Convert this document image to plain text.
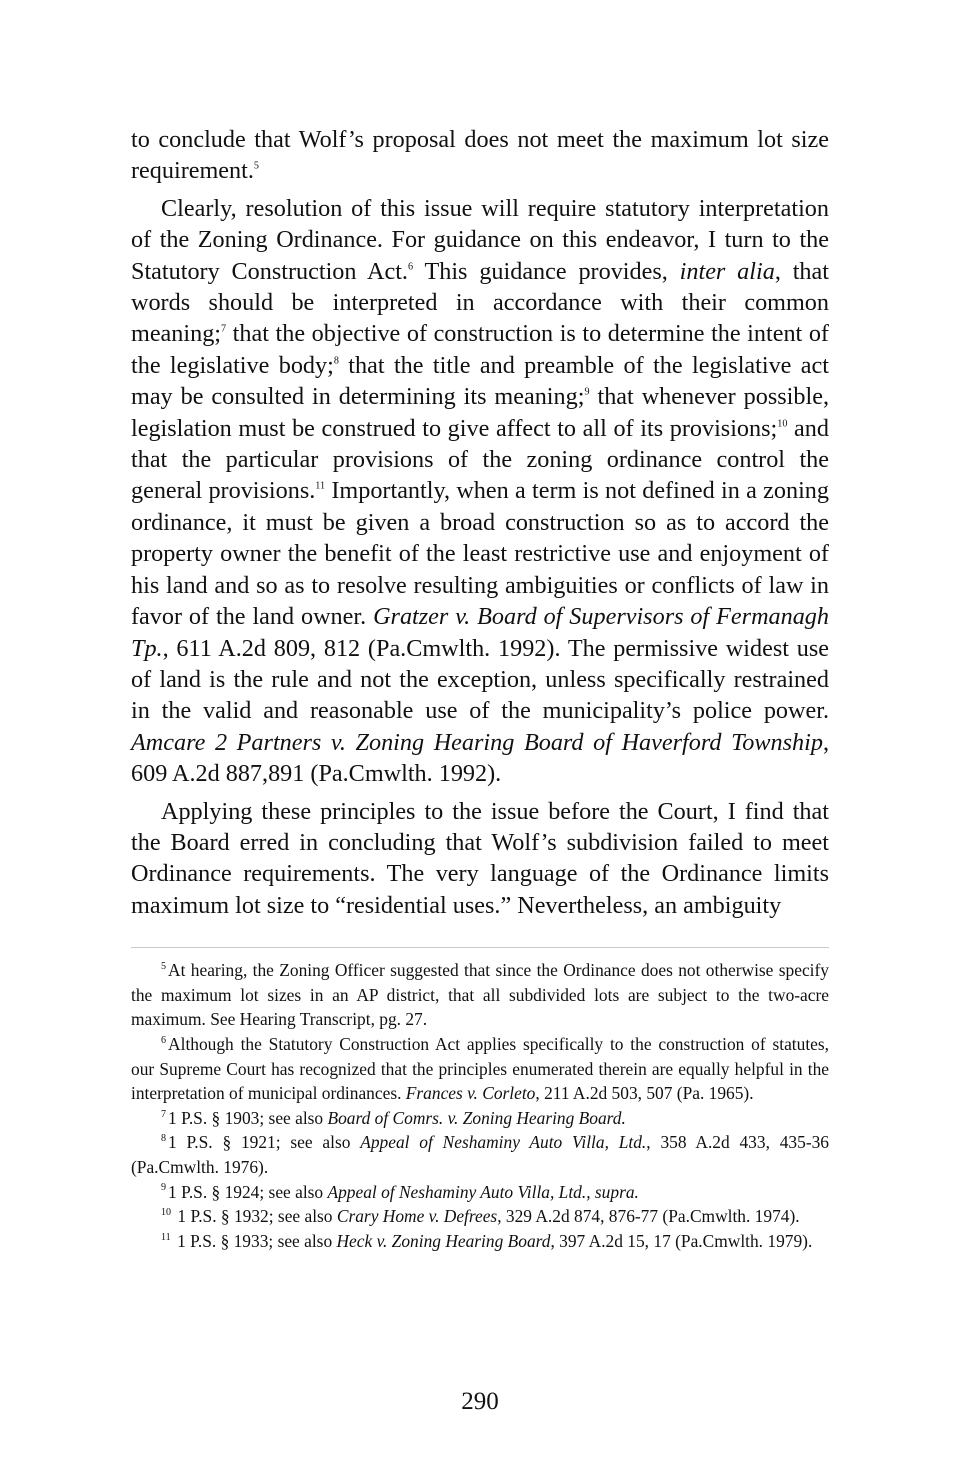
to conclude that Wolf’s proposal does not meet the maximum lot size requirement.$^5$

Clearly, resolution of this issue will require statutory interpretation of the Zoning Ordinance. For guidance on this endeavor, I turn to the Statutory Construction Act.$^6$ This guidance provides, inter alia, that words should be interpreted in accordance with their common meaning;$^7$ that the objective of construction is to determine the intent of the legislative body;$^8$ that the title and preamble of the legislative act may be consulted in determining its meaning;$^9$ that whenever possible, legislation must be construed to give affect to all of its provisions;$^{10}$ and that the particular provisions of the zoning ordinance control the general provisions.$^{11}$ Importantly, when a term is not defined in a zoning ordinance, it must be given a broad construction so as to accord the property owner the benefit of the least restrictive use and enjoyment of his land and so as to resolve resulting ambiguities or conflicts of law in favor of the land owner. Gratzer v. Board of Supervisors of Fermanagh Tp., 611 A.2d 809, 812 (Pa.Cmwlth. 1992). The permissive widest use of land is the rule and not the exception, unless specifically restrained in the valid and reasonable use of the municipality’s police power. Amcare 2 Partners v. Zoning Hearing Board of Haverford Township, 609 A.2d 887,891 (Pa.Cmwlth. 1992).

Applying these principles to the issue before the Court, I find that the Board erred in concluding that Wolf’s subdivision failed to meet Ordinance requirements. The very language of the Ordinance limits maximum lot size to “residential uses.” Nevertheless, an ambiguity

$^5$ At hearing, the Zoning Officer suggested that since the Ordinance does not otherwise specify the maximum lot sizes in an AP district, that all subdivided lots are subject to the two-acre maximum. See Hearing Transcript, pg. 27.

$^6$ Although the Statutory Construction Act applies specifically to the construction of statutes, our Supreme Court has recognized that the principles enumerated therein are equally helpful in the interpretation of municipal ordinances. Frances v. Corleto, 211 A.2d 503, 507 (Pa. 1965).

$^7$ 1 P.S. § 1903; see also Board of Comrs. v. Zoning Hearing Board.

$^8$ 1 P.S. § 1921; see also Appeal of Neshaminy Auto Villa, Ltd., 358 A.2d 433, 435-36 (Pa.Cmwlth. 1976).

$^9$ 1 P.S. § 1924; see also Appeal of Neshaminy Auto Villa, Ltd., supra.

$^{10}$ 1 P.S. § 1932; see also Crary Home v. Defrees, 329 A.2d 874, 876-77 (Pa.Cmwlth. 1974).

$^{11}$ 1 P.S. § 1933; see also Heck v. Zoning Hearing Board, 397 A.2d 15, 17 (Pa.Cmwlth. 1979).

290
